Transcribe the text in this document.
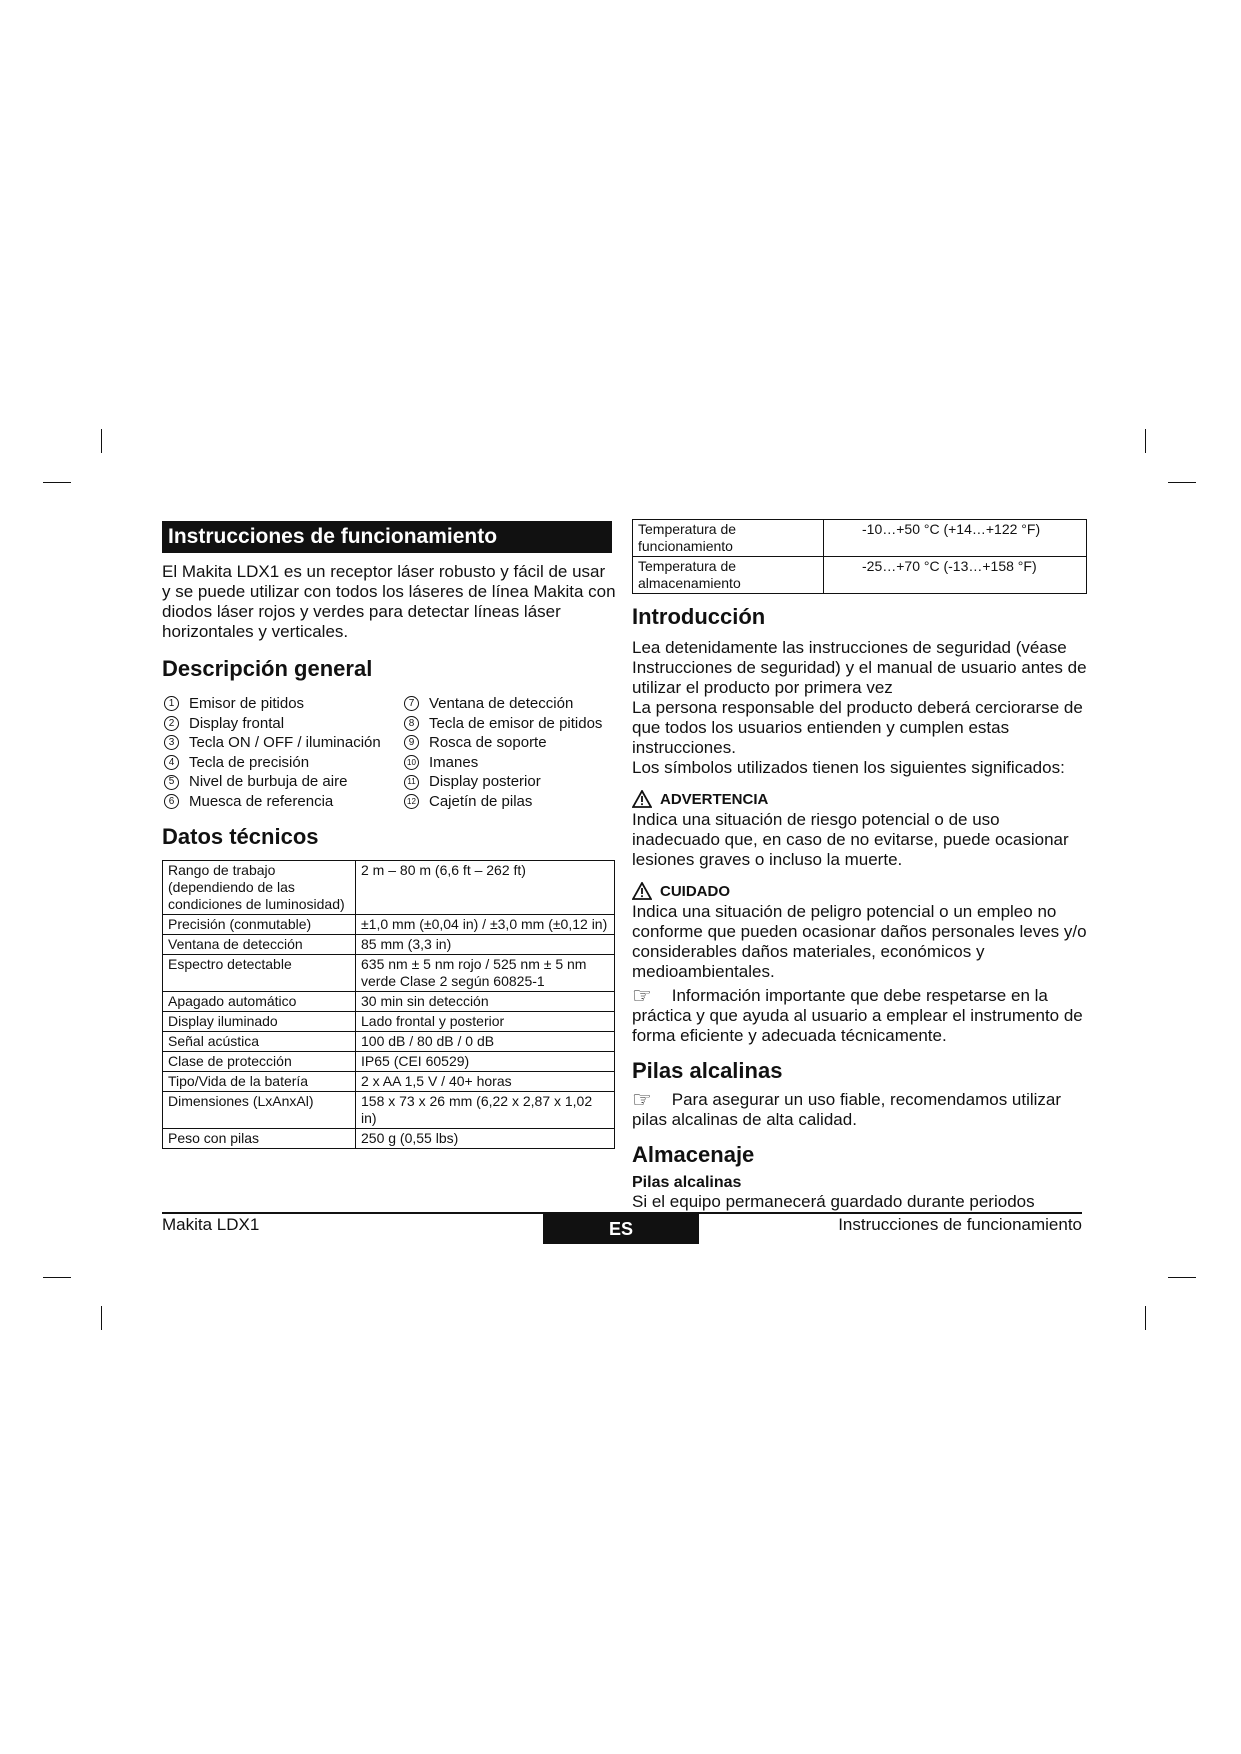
Instrucciones de funcionamiento

El Makita LDX1 es un receptor láser robusto y fácil de usar y se puede utilizar con todos los láseres de línea Makita con diodos láser rojos y verdes para detectar líneas láser horizontales y verticales.

Descripción general
1 Emisor de pitidos
2 Display frontal
3 Tecla ON / OFF / iluminación
4 Tecla de precisión
5 Nivel de burbuja de aire
6 Muesca de referencia
7 Ventana de detección
8 Tecla de emisor de pitidos
9 Rosca de soporte
10 Imanes
11 Display posterior
12 Cajetín de pilas
Datos técnicos
Rango de trabajo (dependiendo de las condiciones de luminosidad)	2 m – 80 m (6,6 ft – 262 ft)
Precisión (conmutable)	±1,0 mm (±0,04 in) / ±3,0 mm (±0,12 in)
Ventana de detección	85 mm (3,3 in)
Espectro detectable	635 nm ± 5 nm rojo / 525 nm ± 5 nm verde Clase 2 según 60825-1
Apagado automático	30 min sin detección
Display iluminado	Lado frontal y posterior
Señal acústica	100 dB / 80 dB / 0 dB
Clase de protección	IP65 (CEI 60529)
Tipo/Vida de la batería	2 x AA 1,5 V / 40+ horas
Dimensiones (LxAnxAl)	158 x 73 x 26 mm (6,22 x 2,87 x 1,02 in)
Peso con pilas	250 g (0,55 lbs)
Temperatura de funcionamiento	-10…+50 °C (+14…+122 °F)
Temperatura de almacenamiento	-25…+70 °C (-13…+158 °F)
Introducción

Lea detenidamente las instrucciones de seguridad (véase Instrucciones de seguridad) y el manual de usuario antes de utilizar el producto por primera vez

La persona responsable del producto deberá cerciorarse de que todos los usuarios entienden y cumplen estas instrucciones.

Los símbolos utilizados tienen los siguientes significados:

ADVERTENCIA

Indica una situación de riesgo potencial o de uso inadecuado que, en caso de no evitarse, puede ocasionar lesiones graves o incluso la muerte.

CUIDADO

Indica una situación de peligro potencial o un empleo no conforme que pueden ocasionar daños personales leves y/o considerables daños materiales, económicos y medioambientales.

☞ Información importante que debe respetarse en la práctica y que ayuda al usuario a emplear el instrumento de forma eficiente y adecuada técnicamente.

Pilas alcalinas

☞ Para asegurar un uso fiable, recomendamos utilizar pilas alcalinas de alta calidad.

Almacenaje
Pilas alcalinas

Si el equipo permanecerá guardado durante periodos

Makita LDX1	ES	Instrucciones de funcionamiento
